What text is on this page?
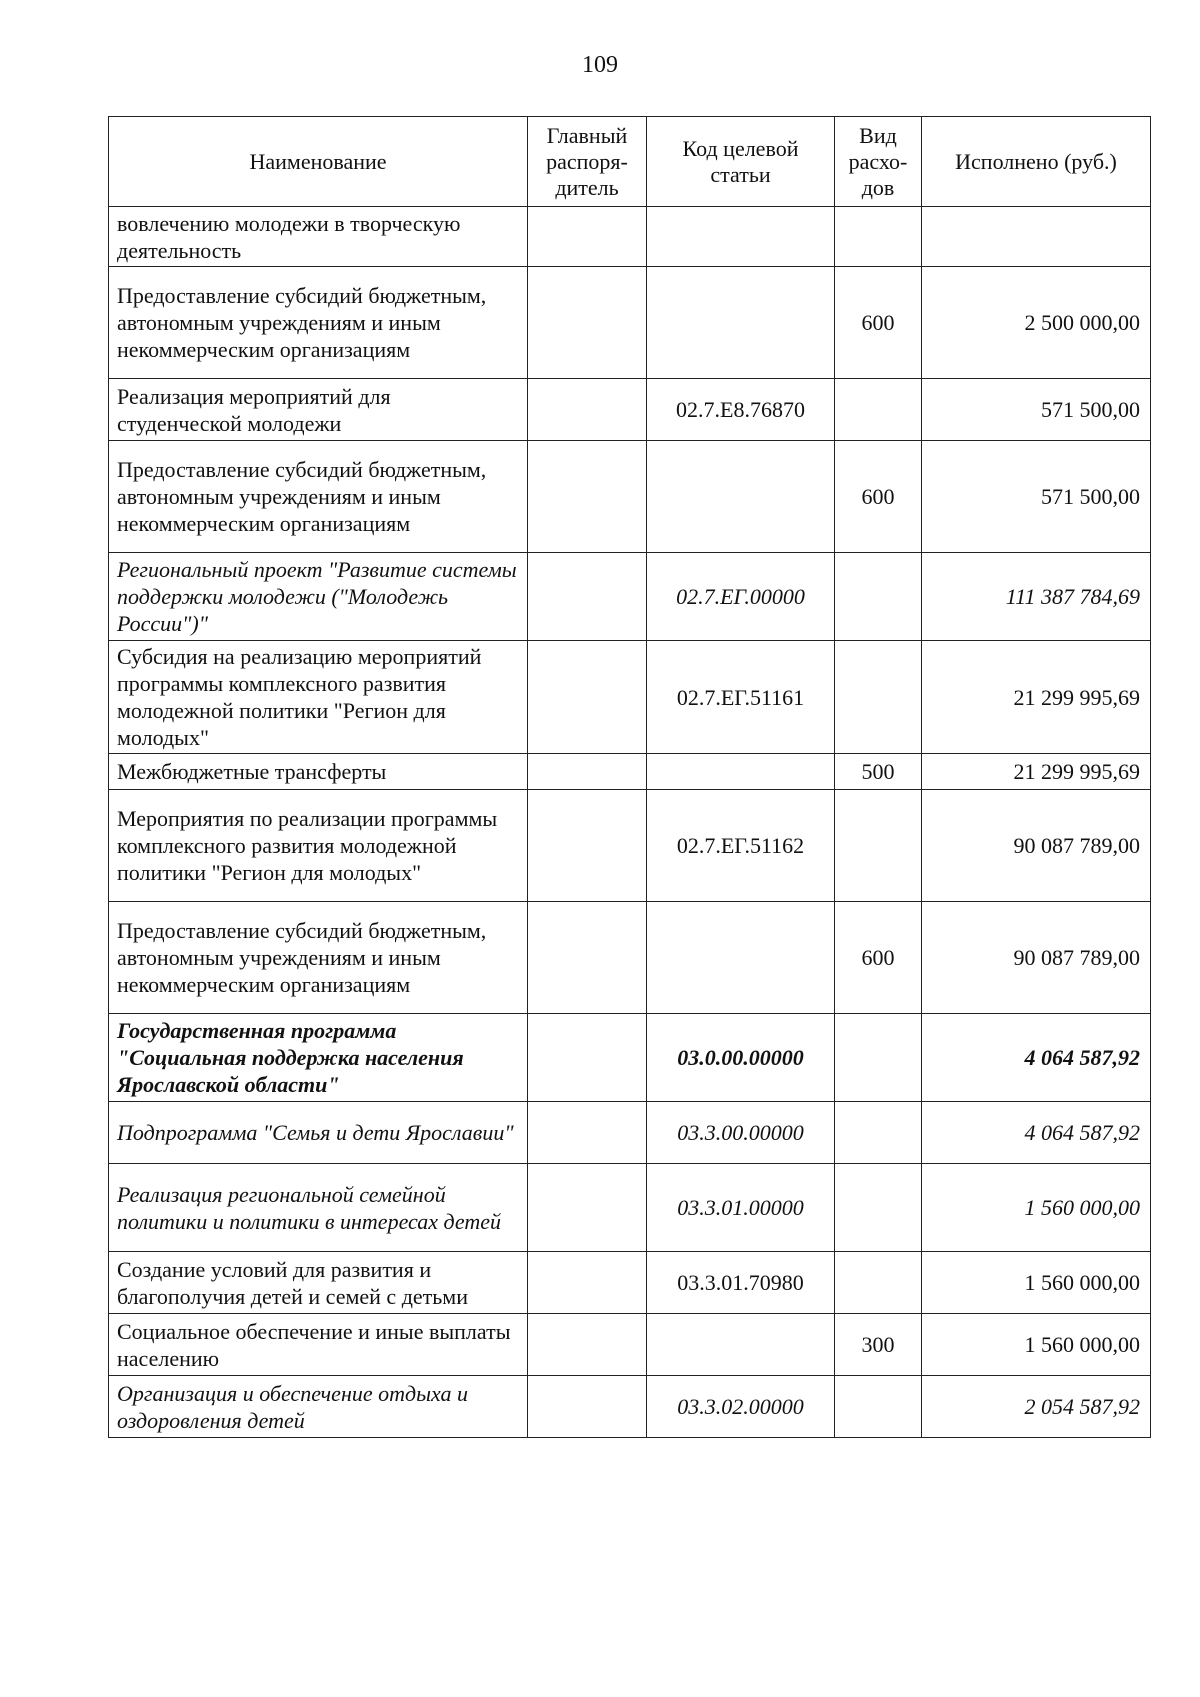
109
Наименование	Главный распоря-дитель	Код целевой статьи	Вид расхо-дов	Исполнено (руб.)
вовлечению молодежи в творческую деятельность				
Предоставление субсидий бюджетным, автономным учреждениям и иным некоммерческим организациям			600	2 500 000,00
Реализация мероприятий для студенческой молодежи		02.7.Е8.76870		571 500,00
Предоставление субсидий бюджетным, автономным учреждениям и иным некоммерческим организациям			600	571 500,00
Региональный проект "Развитие системы поддержки молодежи ("Молодежь России")"		02.7.ЕГ.00000		111 387 784,69
Субсидия на реализацию мероприятий программы комплексного развития молодежной политики "Регион для молодых"		02.7.ЕГ.51161		21 299 995,69
Межбюджетные трансферты			500	21 299 995,69
Мероприятия по реализации программы комплексного развития молодежной политики "Регион для молодых"		02.7.ЕГ.51162		90 087 789,00
Предоставление субсидий бюджетным, автономным учреждениям и иным некоммерческим организациям			600	90 087 789,00
Государственная программа "Социальная поддержка населения Ярославской области"		03.0.00.00000		4 064 587,92
Подпрограмма "Семья и дети Ярославии"		03.3.00.00000		4 064 587,92
Реализация региональной семейной политики и политики в интересах детей		03.3.01.00000		1 560 000,00
Создание условий для развития и благополучия детей и семей с детьми		03.3.01.70980		1 560 000,00
Социальное обеспечение и иные выплаты населению			300	1 560 000,00
Организация и обеспечение отдыха и оздоровления детей		03.3.02.00000		2 054 587,92
